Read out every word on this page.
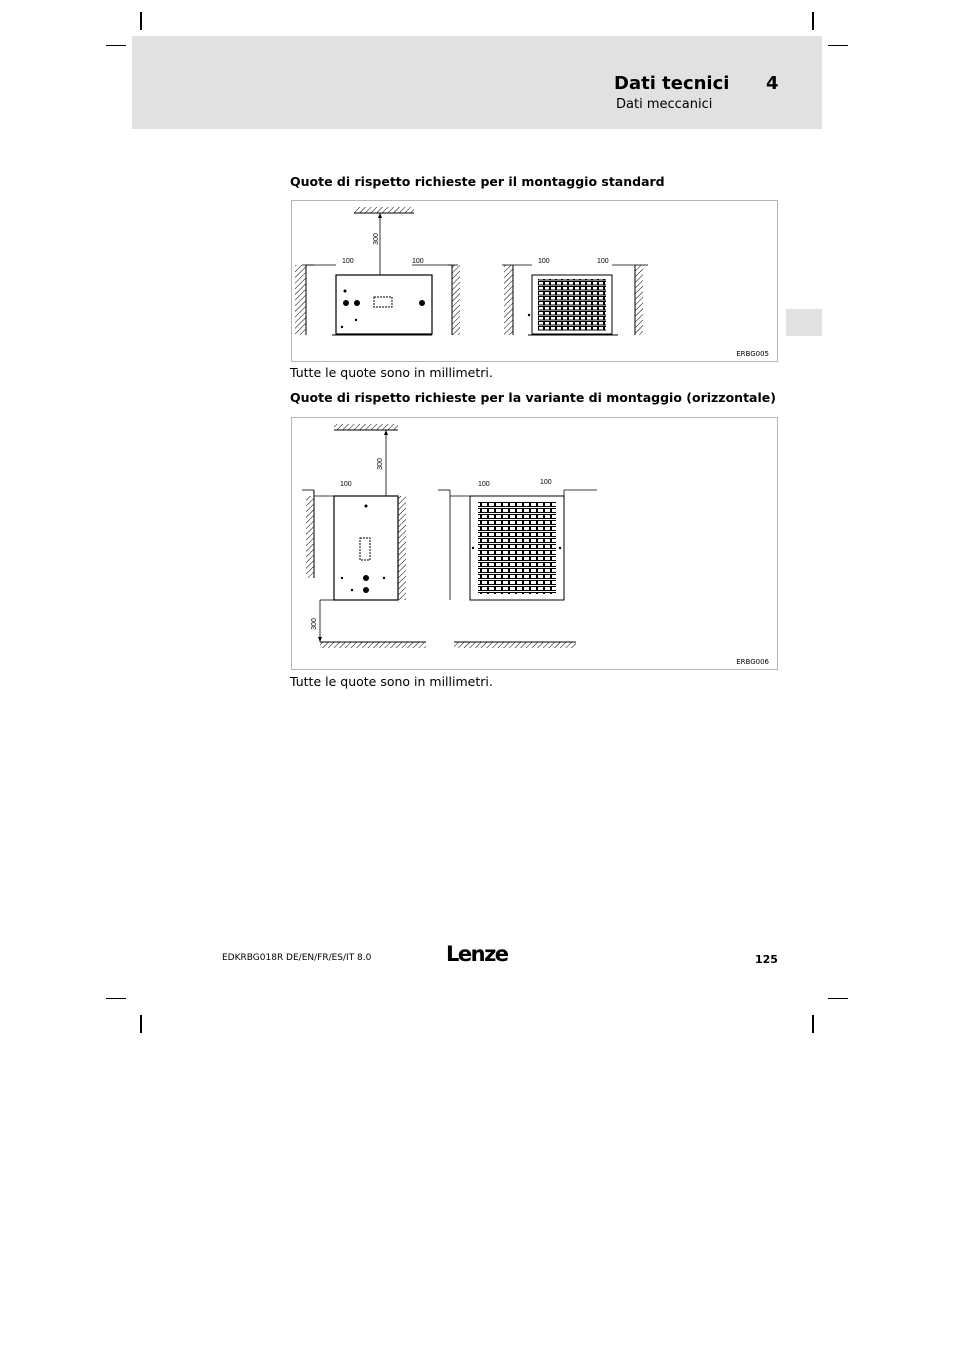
Dati tecnici 4
Dati meccanici
Quote di rispetto richieste per il montaggio standard
300
100	100	100	100
ERBG005
Tutte le quote sono in millimetri.
Quote di rispetto richieste per la variante di montaggio (orizzontale)
300
100
300
100	100
ERBG006
Tutte le quote sono in millimetri.
EDKRBG018R DE/EN/FR/ES/IT 8.0	Lenze	125
